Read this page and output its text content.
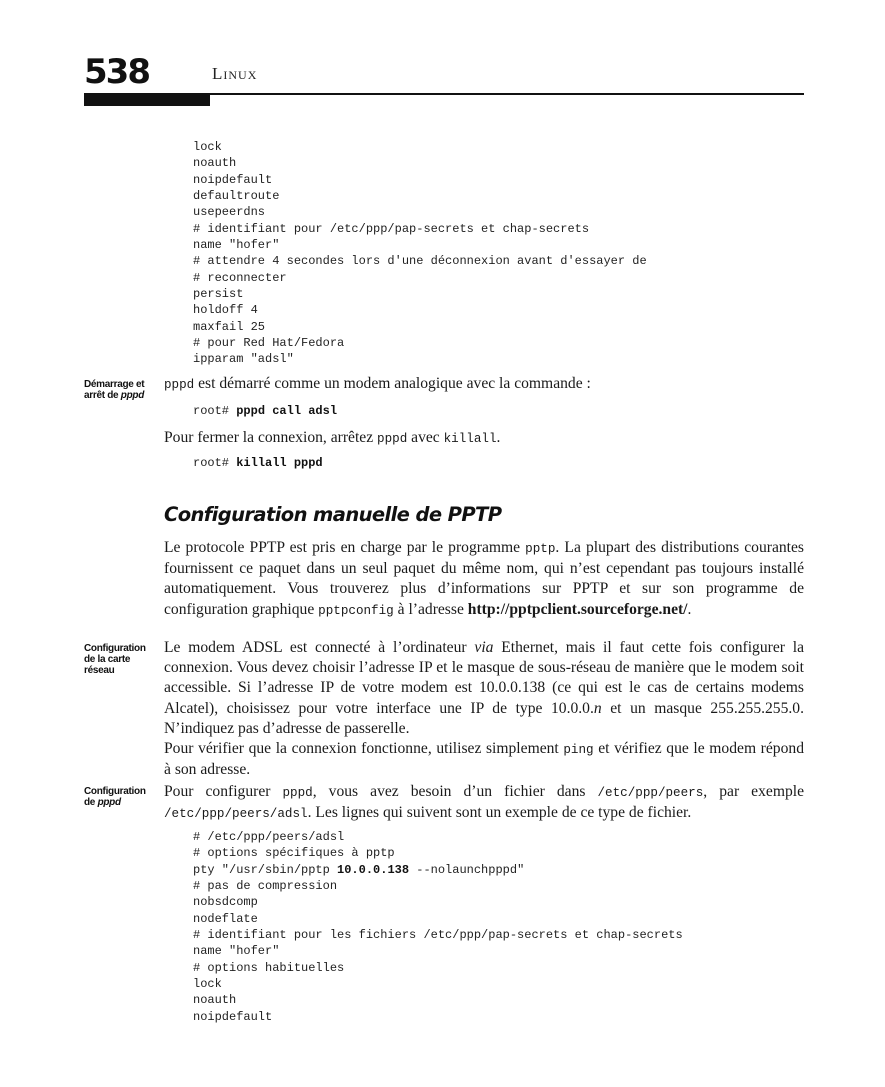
538	Linux
lock
noauth
noipdefault
defaultroute
usepeerdns
# identifiant pour /etc/ppp/pap-secrets et chap-secrets
name "hofer"
# attendre 4 secondes lors d'une déconnexion avant d'essayer de
# reconnecter
persist
holdoff 4
maxfail 25
# pour Red Hat/Fedora
ipparam "adsl"

Démarrage et arrêt de pppd

pppd est démarré comme un modem analogique avec la commande :

root# pppd call adsl

Pour fermer la connexion, arrêtez pppd avec killall.

root# killall pppd
Configuration manuelle de PPTP

Le protocole PPTP est pris en charge par le programme pptp. La plupart des distributions courantes fournissent ce paquet dans un seul paquet du même nom, qui n’est cependant pas toujours installé automatiquement. Vous trouverez plus d’informations sur PPTP et sur son programme de configuration graphique pptpconfig à l’adresse http://pptpclient.sourceforge.net/.

Configuration de la carte réseau

Le modem ADSL est connecté à l’ordinateur via Ethernet, mais il faut cette fois configurer la connexion. Vous devez choisir l’adresse IP et le masque de sous-réseau de manière que le modem soit accessible. Si l’adresse IP de votre modem est 10.0.0.138 (ce qui est le cas de certains modems Alcatel), choisissez pour votre interface une IP de type 10.0.0.n et un masque 255.255.255.0. N’indiquez pas d’adresse de passerelle.

Pour vérifier que la connexion fonctionne, utilisez simplement ping et vérifiez que le modem répond à son adresse.

Configuration de pppd

Pour configurer pppd, vous avez besoin d’un fichier dans /etc/ppp/peers, par exemple /etc/ppp/peers/adsl. Les lignes qui suivent sont un exemple de ce type de fichier.

# /etc/ppp/peers/adsl
# options spécifiques à pptp
pty "/usr/sbin/pptp 10.0.0.138 --nolaunchpppd"
# pas de compression
nobsdcomp
nodeflate
# identifiant pour les fichiers /etc/ppp/pap-secrets et chap-secrets
name "hofer"
# options habituelles
lock
noauth
noipdefault
